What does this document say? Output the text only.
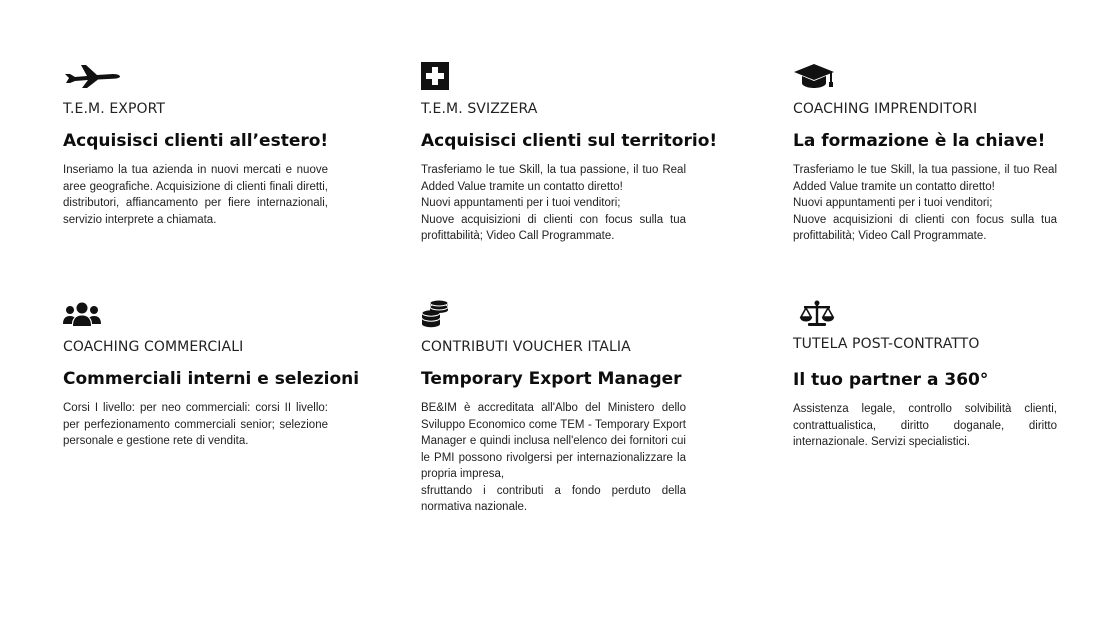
T.E.M. EXPORT
Acquisisci clienti all’estero!

Inseriamo la tua azienda in nuovi mercati e nuove aree geografiche. Acquisizione di clienti finali diretti, distributori, affiancamento per fiere internazionali, servizio interprete a chiamata.

T.E.M. SVIZZERA
Acquisisci clienti sul territorio!

Trasferiamo le tue Skill, la tua passione, il tuo Real Added Value tramite un contatto diretto!

Nuovi appuntamenti per i tuoi venditori;

Nuove acquisizioni di clienti con focus sulla tua profittabilità; Video Call Programmate.

COACHING IMPRENDITORI
La formazione è la chiave!

Trasferiamo le tue Skill, la tua passione, il tuo Real Added Value tramite un contatto diretto!

Nuovi appuntamenti per i tuoi venditori;

Nuove acquisizioni di clienti con focus sulla tua profittabilità; Video Call Programmate.

COACHING COMMERCIALI
Commerciali interni e selezioni

Corsi I livello: per neo commerciali: corsi II livello: per perfezionamento commerciali senior; selezione personale e gestione rete di vendita.

CONTRIBUTI VOUCHER ITALIA
Temporary Export Manager

BE&IM è accreditata all'Albo del Ministero dello Sviluppo Economico come TEM - Temporary Export Manager e quindi inclusa nell'elenco dei fornitori cui le PMI possono rivolgersi per internazionalizzare la propria impresa,

sfruttando i contributi a fondo perduto della normativa nazionale.

TUTELA POST-CONTRATTO
Il tuo partner a 360°

Assistenza legale, controllo solvibilità clienti, contrattualistica, diritto doganale, diritto internazionale. Servizi specialistici.
